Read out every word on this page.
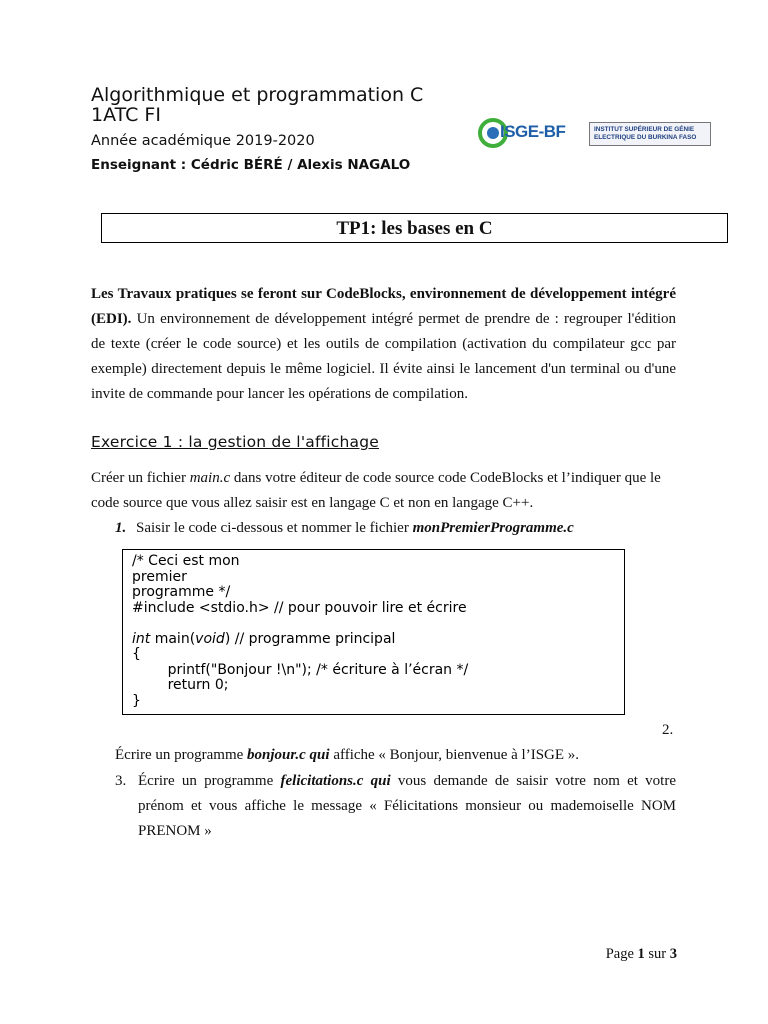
Algorithmique et programmation C
1ATC FI
Année académique 2019-2020
Enseignant : Cédric BÉRÉ / Alexis NAGALO
ISGE-BF	INSTITUT SUPÉRIEUR DE GÉNIE
ELECTRIQUE DU BURKINA FASO
TP1: les bases en C
Les Travaux pratiques se feront sur CodeBlocks, environnement de développement intégré (EDI). Un environnement de développement intégré permet de prendre de : regrouper l'édition de texte (créer le code source) et les outils de compilation (activation du compilateur gcc par exemple) directement depuis le même logiciel. Il évite ainsi le lancement d'un terminal ou d'une invite de commande pour lancer les opérations de compilation.
Exercice 1 : la gestion de l'affichage
Créer un fichier main.c dans votre éditeur de code source code CodeBlocks et l’indiquer que le code source que vous allez saisir est en langage C et non en langage C++.
1. Saisir le code ci-dessous et nommer le fichier monPremierProgramme.c
/* Ceci est mon
premier
programme */
#include <stdio.h> // pour pouvoir lire et écrire

int main(void) // programme principal
{
printf("Bonjour !\n"); /* écriture à l’écran */
return 0;
}
2.
Écrire un programme bonjour.c qui affiche « Bonjour, bienvenue à l’ISGE ».
3. Écrire un programme felicitations.c qui vous demande de saisir votre nom et votre prénom et vous affiche le message « Félicitations monsieur ou mademoiselle NOM PRENOM »
Page 1 sur 3
